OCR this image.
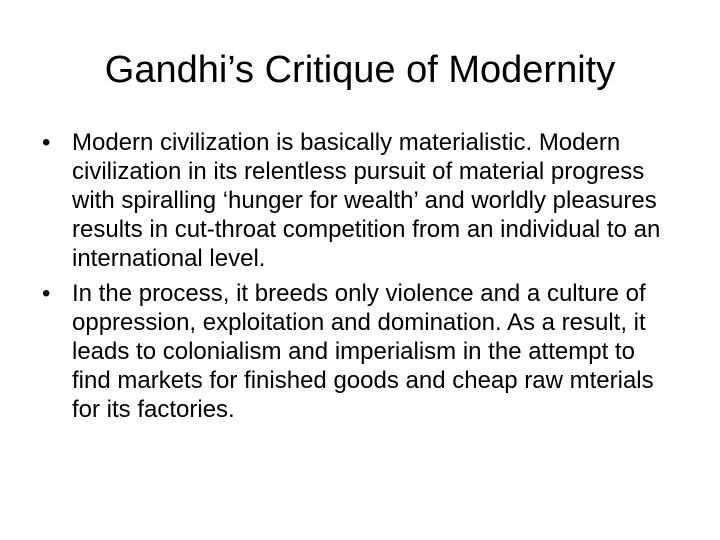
Gandhi’s Critique of Modernity
• Modern civilization is basically materialistic. Modern civilization in its relentless pursuit of material progress with spiralling ‘hunger for wealth’ and worldly pleasures results in cut-throat competition from an individual to an international level.
• In the process, it breeds only violence and a culture of oppression, exploitation and domination. As a result, it leads to colonialism and imperialism in the attempt to find markets for finished goods and cheap raw mterials for its factories.
